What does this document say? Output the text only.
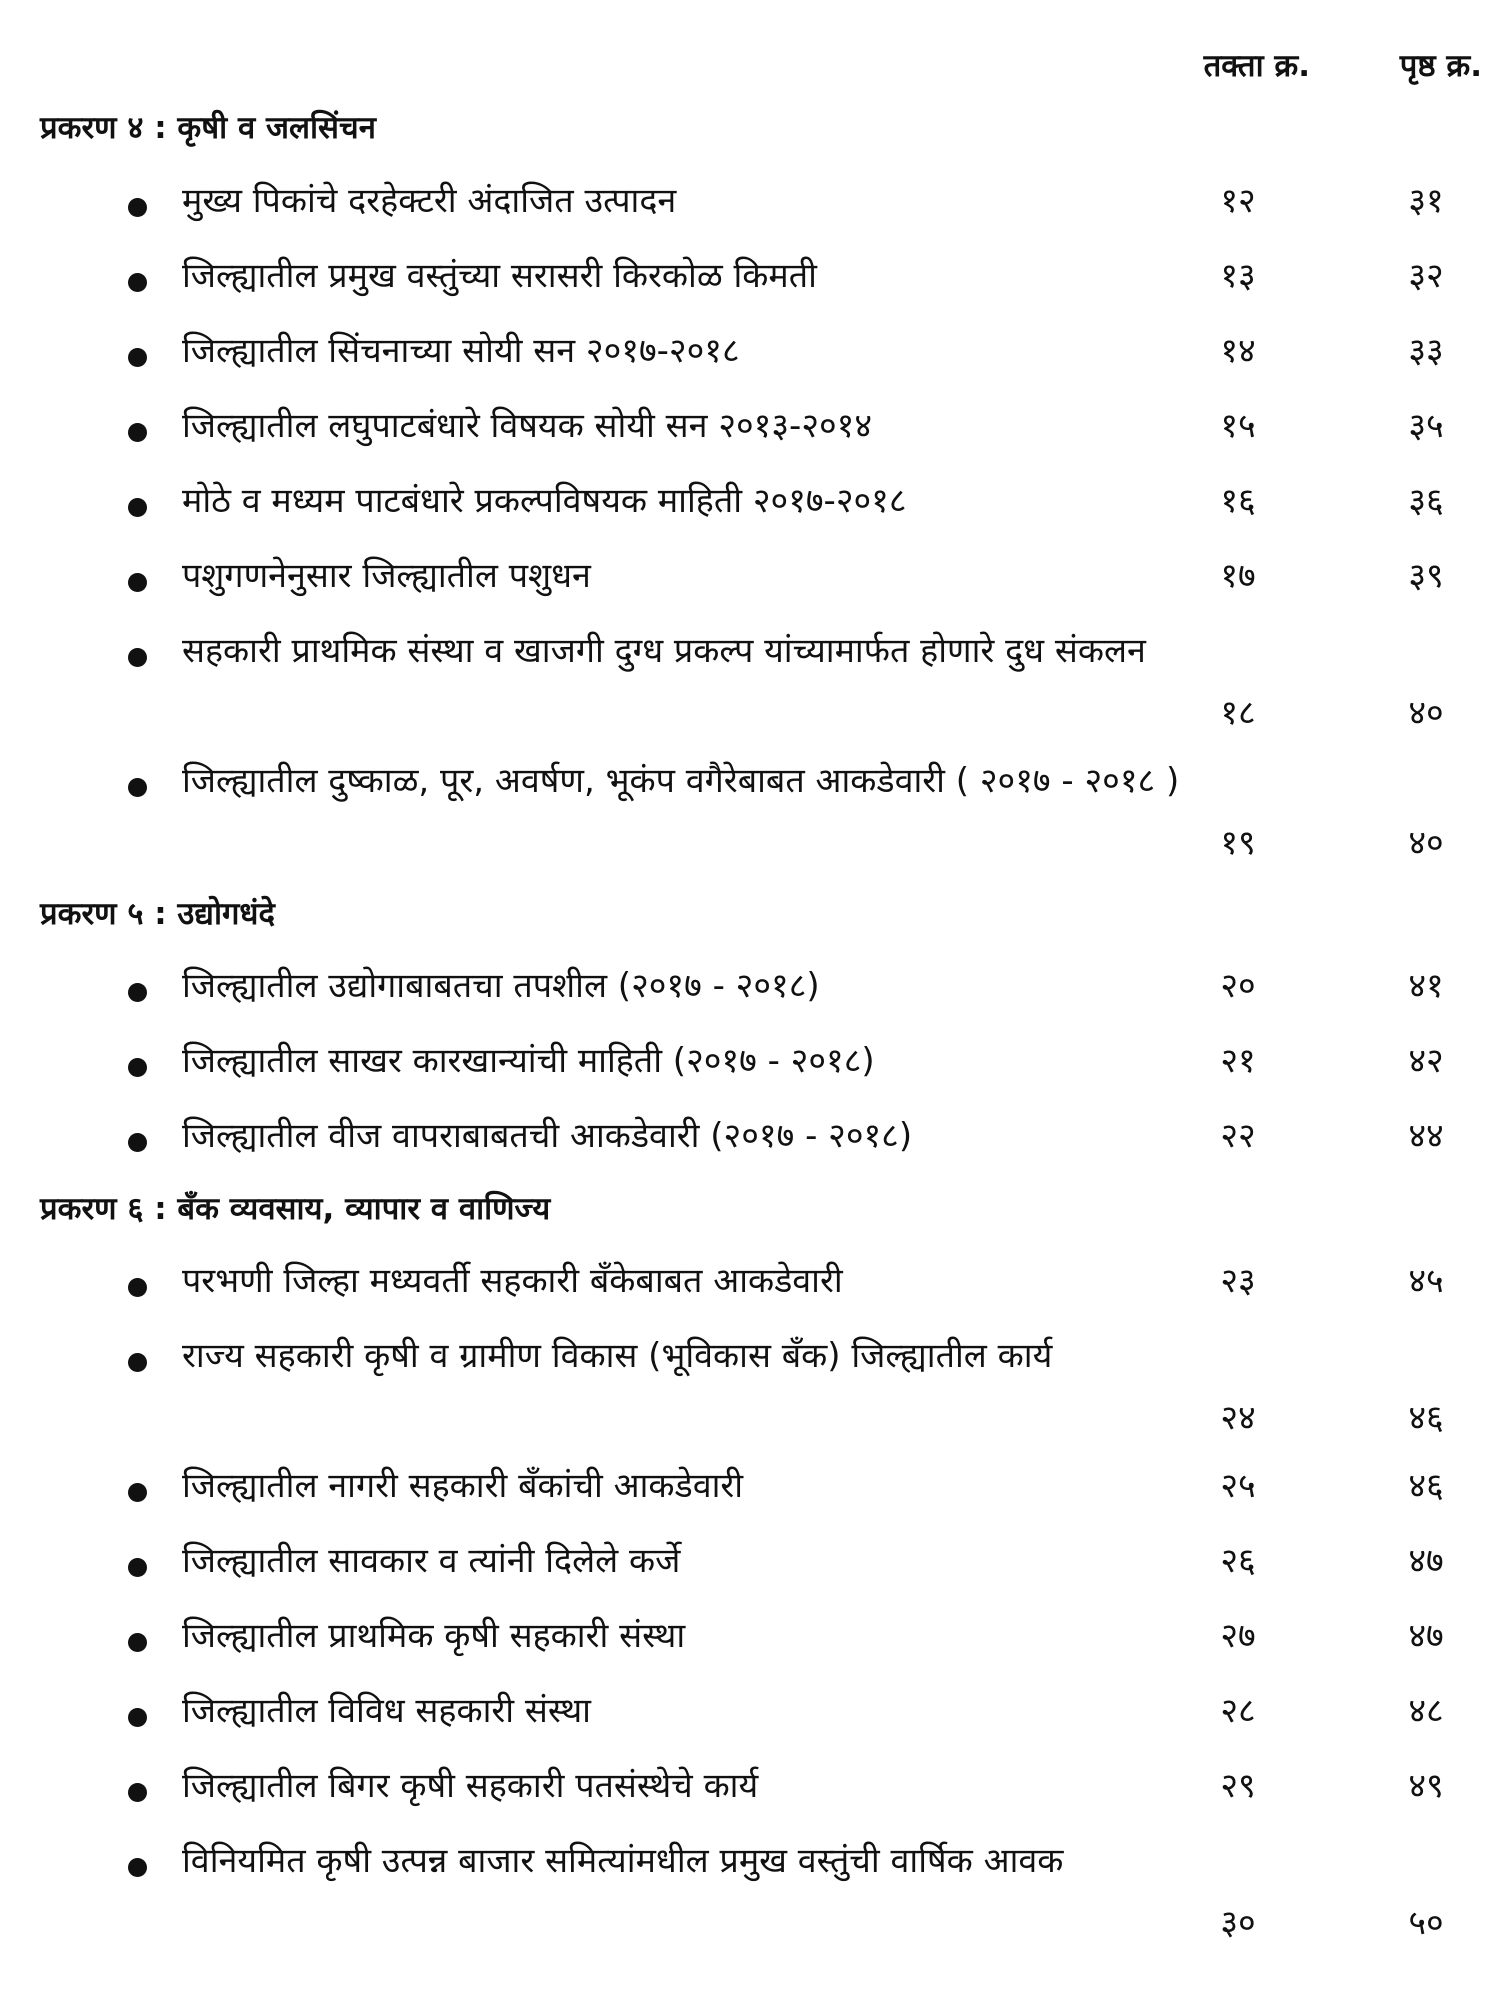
तक्ता क्र.	पृष्ठ क्र.
प्रकरण ४ : कृषी व जलसिंचन
मुख्य पिकांचे दरहेक्टरी अंदाजित उत्पादन	१२	३१
जिल्ह्यातील प्रमुख वस्तुंच्या सरासरी किरकोळ किमती	१३	३२
जिल्ह्यातील सिंचनाच्या सोयी सन २०१७-२०१८	१४	३३
जिल्ह्यातील लघुपाटबंधारे विषयक सोयी सन २०१३-२०१४	१५	३५
मोठे व मध्यम पाटबंधारे प्रकल्पविषयक माहिती २०१७-२०१८	१६	३६
पशुगणनेनुसार जिल्ह्यातील पशुधन	१७	३९
सहकारी प्राथमिक संस्था व खाजगी दुग्ध प्रकल्प यांच्यामार्फत होणारे दुध संकलन
१८	४०
जिल्ह्यातील दुष्काळ, पूर, अवर्षण, भूकंप वगैरेबाबत आकडेवारी ( २०१७ - २०१८ )
१९	४०
प्रकरण ५ : उद्योगधंदे
जिल्ह्यातील उद्योगाबाबतचा तपशील (२०१७ - २०१८)	२०	४१
जिल्ह्यातील साखर कारखान्यांची माहिती (२०१७ - २०१८)	२१	४२
जिल्ह्यातील वीज वापराबाबतची आकडेवारी (२०१७ - २०१८)	२२	४४
प्रकरण ६ : बँक व्यवसाय, व्यापार व वाणिज्य
परभणी जिल्हा मध्यवर्ती सहकारी बँकेबाबत आकडेवारी	२३	४५
राज्य सहकारी कृषी व ग्रामीण विकास (भूविकास बँक) जिल्ह्यातील कार्य
२४	४६
जिल्ह्यातील नागरी सहकारी बँकांची आकडेवारी	२५	४६
जिल्ह्यातील सावकार व त्यांनी दिलेले कर्जे	२६	४७
जिल्ह्यातील प्राथमिक कृषी सहकारी संस्था	२७	४७
जिल्ह्यातील विविध सहकारी संस्था	२८	४८
जिल्ह्यातील बिगर कृषी सहकारी पतसंस्थेचे कार्य	२९	४९
विनियमित कृषी उत्पन्न बाजार समित्यांमधील प्रमुख वस्तुंची वार्षिक आवक
३०	५०
